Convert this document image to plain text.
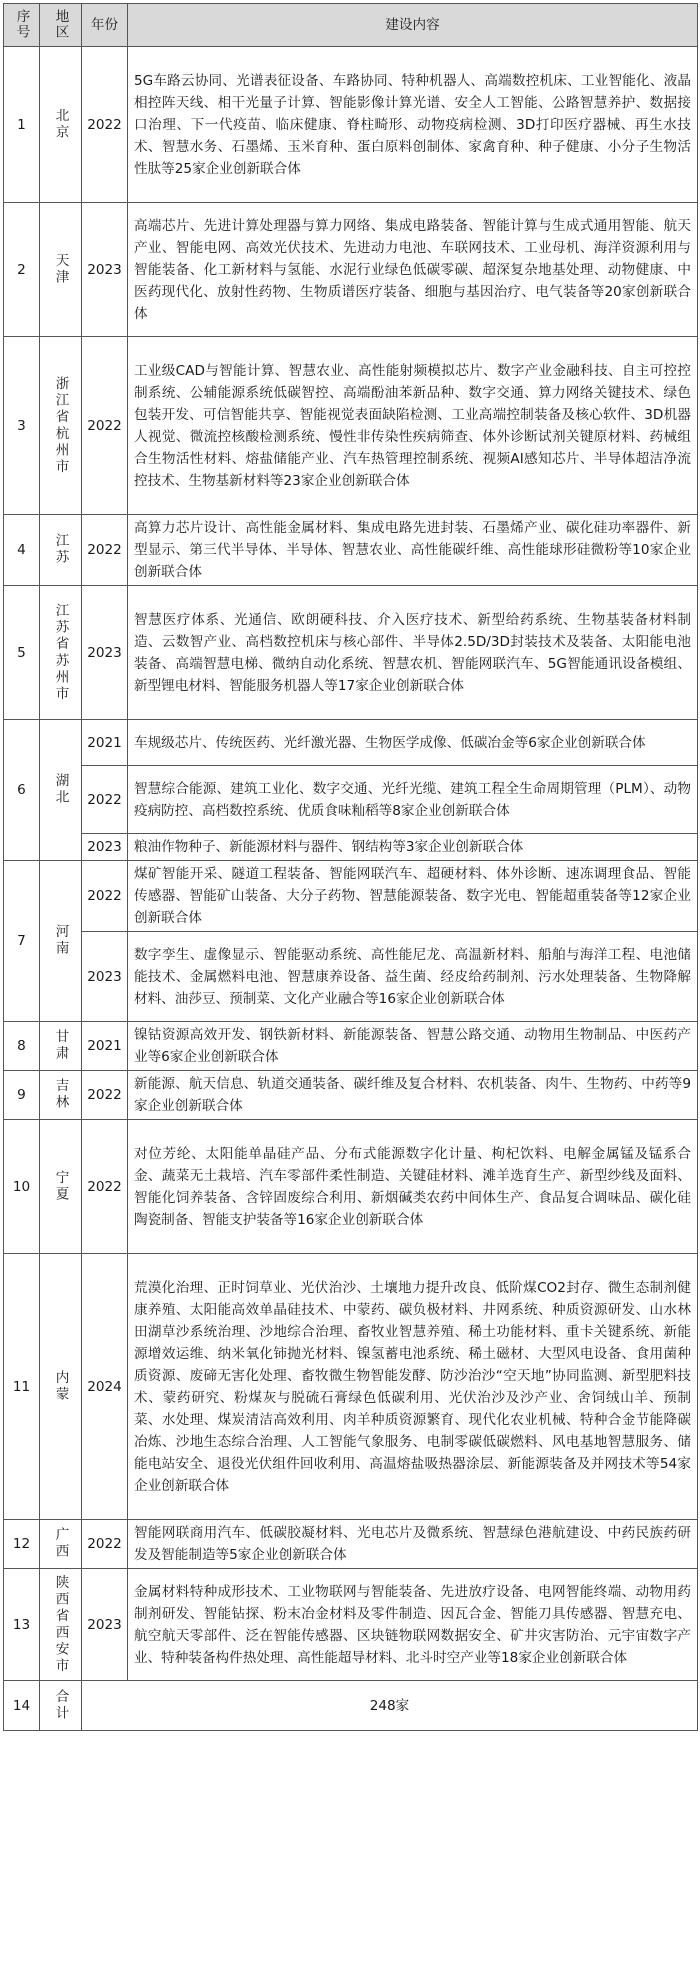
序号	地区	年份	建设内容
1	北京	2022	5G车路云协同、光谱表征设备、车路协同、特种机器人、高端数控机床、工业智能化、液晶相控阵天线、相干光量子计算、智能影像计算光谱、安全人工智能、公路智慧养护、数据接口治理、下一代疫苗、临床健康、脊柱畸形、动物疫病检测、3D打印医疗器械、再生水技术、智慧水务、石墨烯、玉米育种、蛋白原料创制体、家禽育种、种子健康、小分子生物活性肽等25家企业创新联合体
2	天津	2023	高端芯片、先进计算处理器与算力网络、集成电路装备、智能计算与生成式通用智能、航天产业、智能电网、高效光伏技术、先进动力电池、车联网技术、工业母机、海洋资源利用与智能装备、化工新材料与氢能、水泥行业绿色低碳零碳、超深复杂地基处理、动物健康、中医药现代化、放射性药物、生物质谱医疗装备、细胞与基因治疗、电气装备等20家创新联合体
3	浙江省杭州市	2022	工业级CAD与智能计算、智慧农业、高性能射频模拟芯片、数字产业金融科技、自主可控控制系统、公辅能源系统低碳智控、高端酚油苯新品种、数字交通、算力网络关键技术、绿色包装开发、可信智能共享、智能视觉表面缺陷检测、工业高端控制装备及核心软件、3D机器人视觉、微流控核酸检测系统、慢性非传染性疾病筛查、体外诊断试剂关键原材料、药械组合生物活性材料、熔盐储能产业、汽车热管理控制系统、视频AI感知芯片、半导体超洁净流控技术、生物基新材料等23家企业创新联合体
4	江苏	2022	高算力芯片设计、高性能金属材料、集成电路先进封装、石墨烯产业、碳化硅功率器件、新型显示、第三代半导体、半导体、智慧农业、高性能碳纤维、高性能球形硅微粉等10家企业创新联合体
5	江苏省苏州市	2023	智慧医疗体系、光通信、欧朗硬科技、介入医疗技术、新型给药系统、生物基装备材料制造、云数智产业、高档数控机床与核心部件、半导体2.5D/3D封装技术及装备、太阳能电池装备、高端智慧电梯、微纳自动化系统、智慧农机、智能网联汽车、5G智能通讯设备模组、新型锂电材料、智能服务机器人等17家企业创新联合体
6	湖北	2021	车规级芯片、传统医药、光纤激光器、生物医学成像、低碳冶金等6家企业创新联合体
		2022	智慧综合能源、建筑工业化、数字交通、光纤光缆、建筑工程全生命周期管理（PLM）、动物疫病防控、高档数控系统、优质食味籼稻等8家企业创新联合体
		2023	粮油作物种子、新能源材料与器件、钢结构等3家企业创新联合体
7	河南	2022	煤矿智能开采、隧道工程装备、智能网联汽车、超硬材料、体外诊断、速冻调理食品、智能传感器、智能矿山装备、大分子药物、智慧能源装备、数字光电、智能超重装备等12家企业创新联合体
		2023	数字孪生、虚像显示、智能驱动系统、高性能尼龙、高温新材料、船舶与海洋工程、电池储能技术、金属燃料电池、智慧康养设备、益生菌、经皮给药制剂、污水处理装备、生物降解材料、油莎豆、预制菜、文化产业融合等16家企业创新联合体
8	甘肃	2021	镍钴资源高效开发、钢铁新材料、新能源装备、智慧公路交通、动物用生物制品、中医药产业等6家企业创新联合体
9	吉林	2022	新能源、航天信息、轨道交通装备、碳纤维及复合材料、农机装备、肉牛、生物药、中药等9家企业创新联合体
10	宁夏	2022	对位芳纶、太阳能单晶硅产品、分布式能源数字化计量、枸杞饮料、电解金属锰及锰系合金、蔬菜无土栽培、汽车零部件柔性制造、关键硅材料、滩羊选育生产、新型纱线及面料、智能化饲养装备、含锌固废综合利用、新烟碱类农药中间体生产、食品复合调味品、碳化硅陶瓷制备、智能支护装备等16家企业创新联合体
11	内蒙	2024	荒漠化治理、正时饲草业、光伏治沙、土壤地力提升改良、低阶煤CO2封存、微生态制剂健康养殖、太阳能高效单晶硅技术、中蒙药、碳负极材料、井网系统、种质资源研发、山水林田湖草沙系统治理、沙地综合治理、畜牧业智慧养殖、稀土功能材料、重卡关键系统、新能源增效运维、纳米氧化铈抛光材料、镍氢蓄电池系统、稀土磁材、大型风电设备、食用菌种质资源、废碲无害化处理、畜牧微生物智能发酵、防沙治沙“空天地”协同监测、新型肥料技术、蒙药研究、粉煤灰与脱硫石膏绿色低碳利用、光伏治沙及沙产业、舍饲绒山羊、预制菜、水处理、煤炭清洁高效利用、肉羊种质资源繁育、现代化农业机械、特种合金节能降碳冶炼、沙地生态综合治理、人工智能气象服务、电制零碳低碳燃料、风电基地智慧服务、储能电站安全、退役光伏组件回收利用、高温熔盐吸热器涂层、新能源装备及并网技术等54家企业创新联合体
12	广西	2022	智能网联商用汽车、低碳胶凝材料、光电芯片及微系统、智慧绿色港航建设、中药民族药研发及智能制造等5家企业创新联合体
13	陕西省西安市	2023	金属材料特种成形技术、工业物联网与智能装备、先进放疗设备、电网智能终端、动物用药制剂研发、智能钻探、粉末冶金材料及零件制造、因瓦合金、智能刀具传感器、智慧充电、航空航天零部件、泛在智能传感器、区块链物联网数据安全、矿井灾害防治、元宇宙数字产业、特种装备构件热处理、高性能超导材料、北斗时空产业等18家企业创新联合体
14	合计	248家	
